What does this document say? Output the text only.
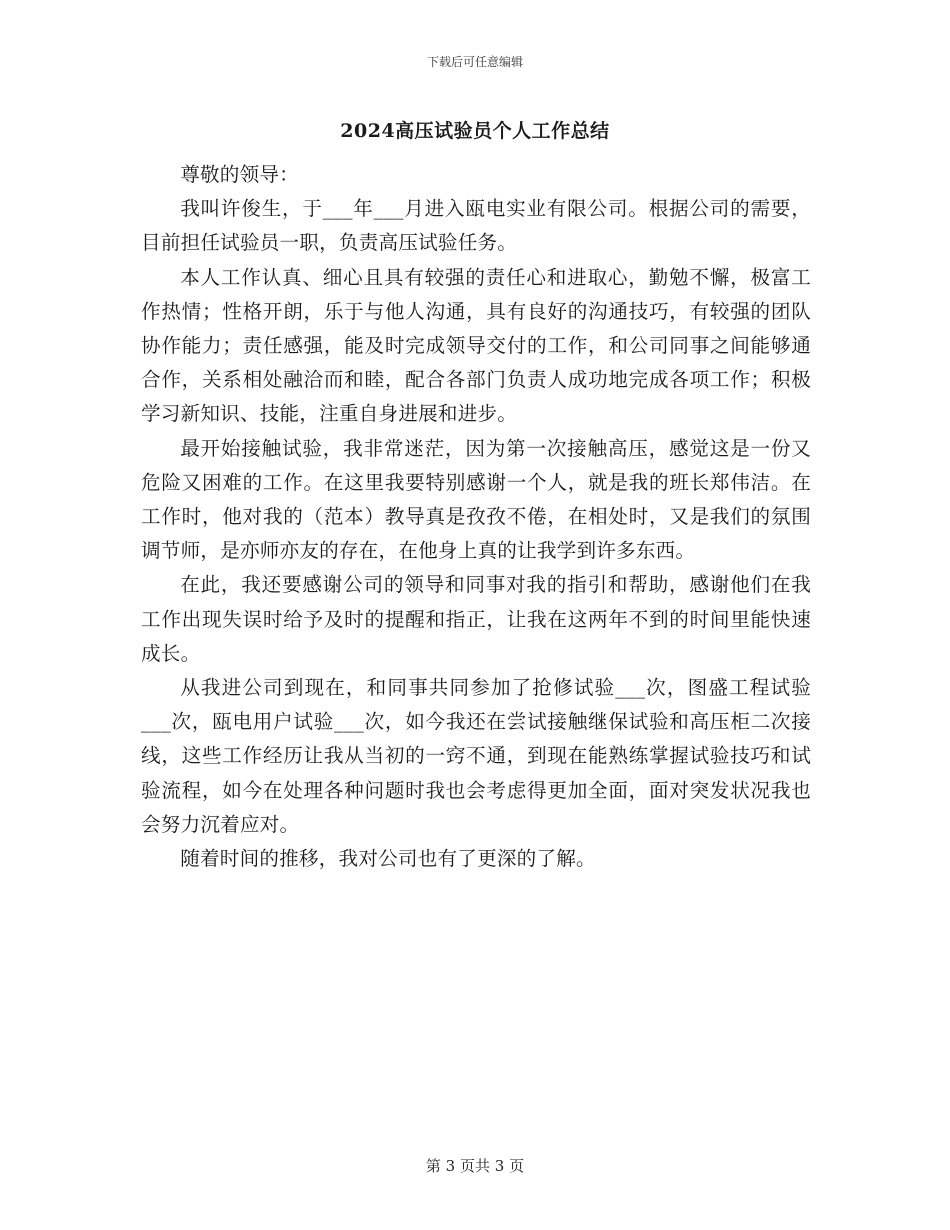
下载后可任意编辑
2024高压试验员个人工作总结

尊敬的领导：

我叫许俊生，于___年___月进入瓯电实业有限公司。根据公司的需要，目前担任试验员一职，负责高压试验任务。

本人工作认真、细心且具有较强的责任心和进取心，勤勉不懈，极富工作热情；性格开朗，乐于与他人沟通，具有良好的沟通技巧，有较强的团队协作能力；责任感强，能及时完成领导交付的工作，和公司同事之间能够通合作，关系相处融洽而和睦，配合各部门负责人成功地完成各项工作；积极学习新知识、技能，注重自身进展和进步。

最开始接触试验，我非常迷茫，因为第一次接触高压，感觉这是一份又危险又困难的工作。在这里我要特别感谢一个人，就是我的班长郑伟洁。在工作时，他对我的（范本）教导真是孜孜不倦，在相处时，又是我们的氛围调节师，是亦师亦友的存在，在他身上真的让我学到许多东西。

在此，我还要感谢公司的领导和同事对我的指引和帮助，感谢他们在我工作出现失误时给予及时的提醒和指正，让我在这两年不到的时间里能快速成长。

从我进公司到现在，和同事共同参加了抢修试验___次，图盛工程试验___次，瓯电用户试验___次，如今我还在尝试接触继保试验和高压柜二次接线，这些工作经历让我从当初的一窍不通，到现在能熟练掌握试验技巧和试验流程，如今在处理各种问题时我也会考虑得更加全面，面对突发状况我也会努力沉着应对。

随着时间的推移，我对公司也有了更深的了解。

第 3 页共 3 页
